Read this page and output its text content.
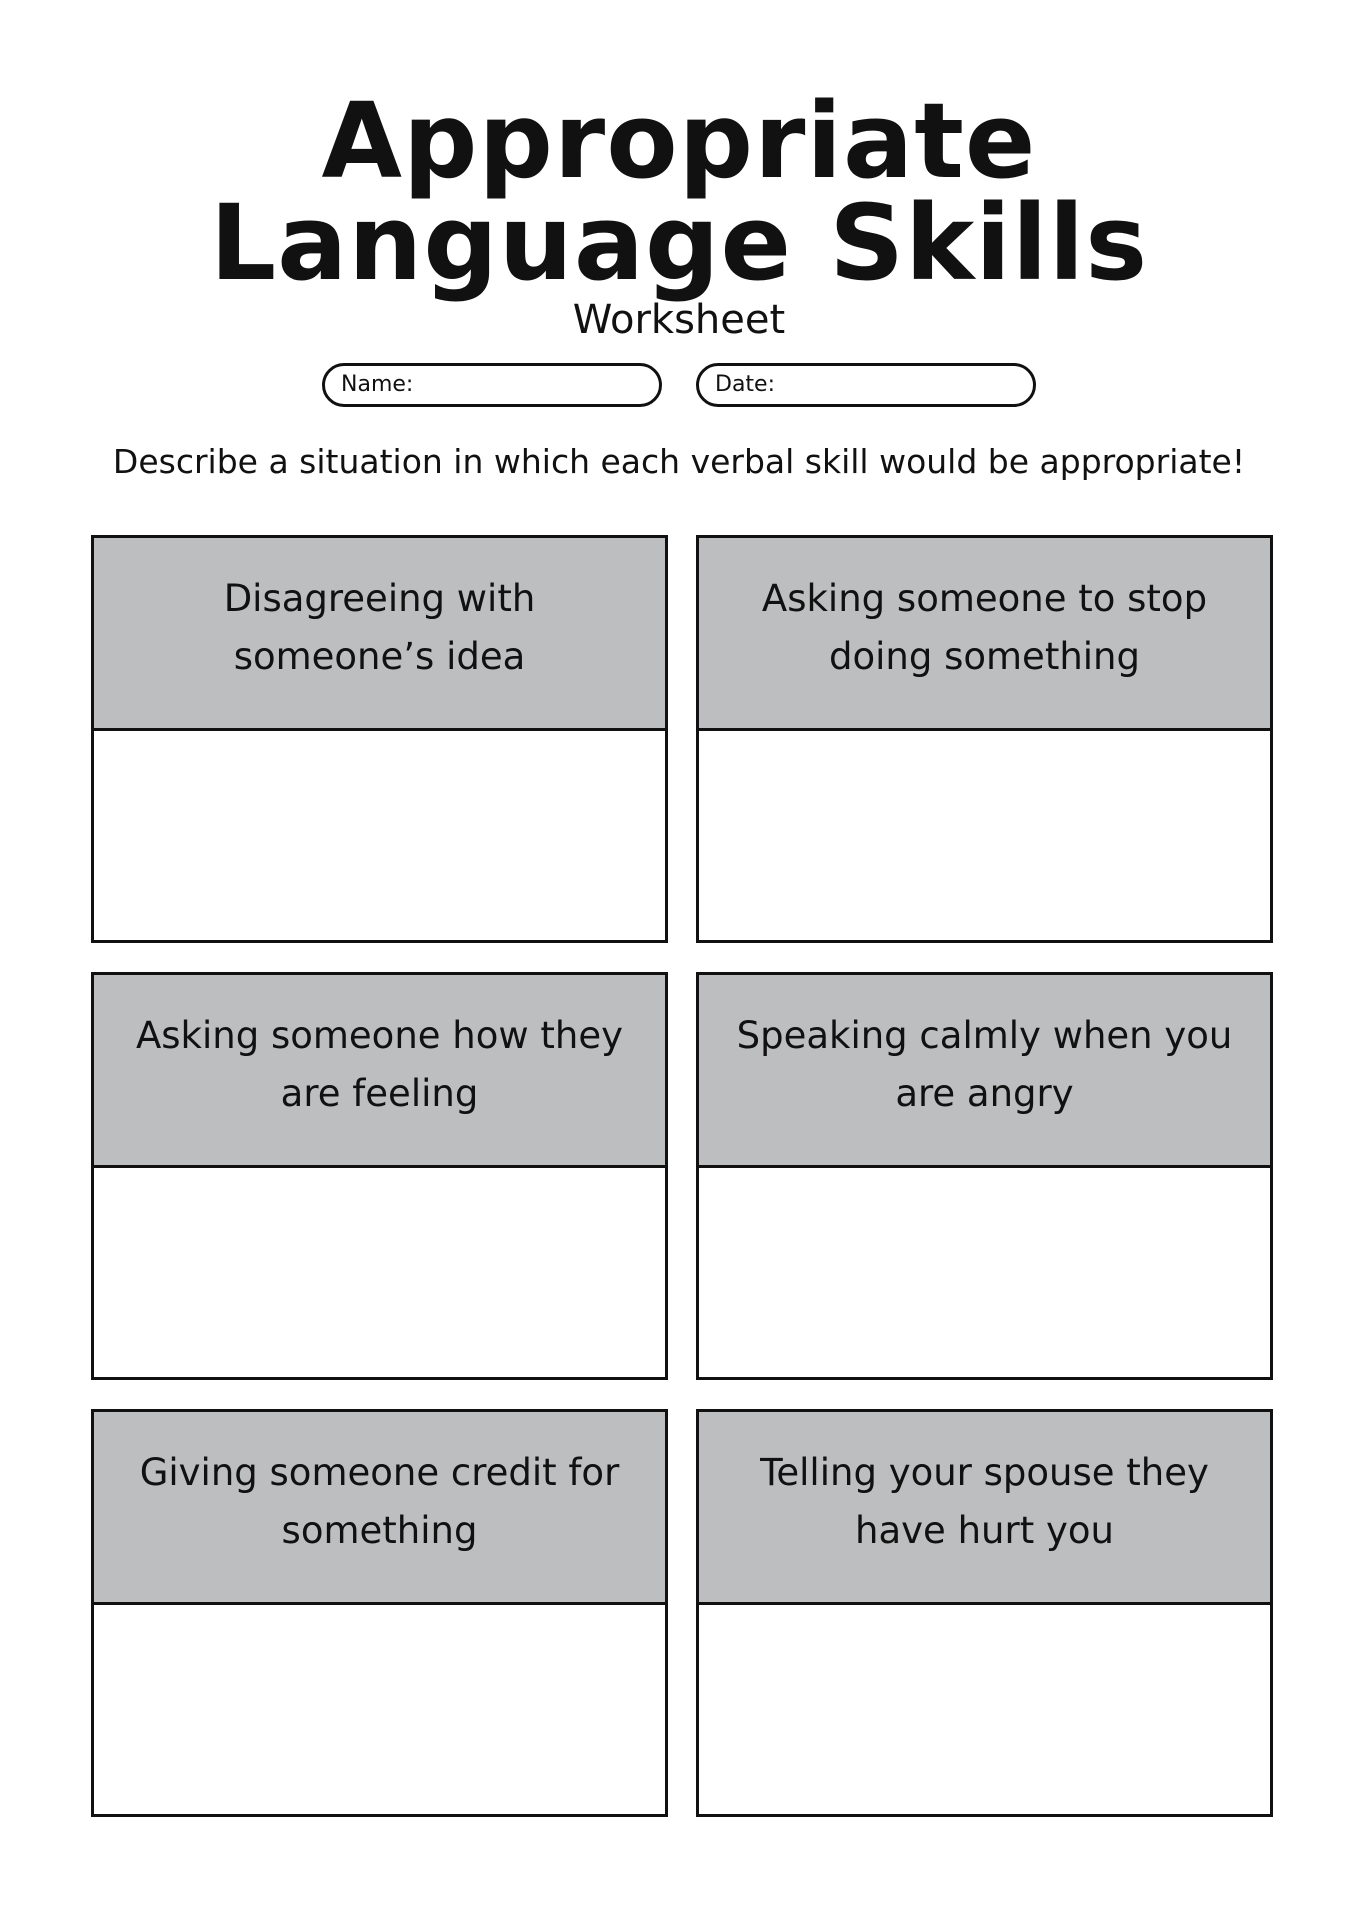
Appropriate
Language Skills
Worksheet
Name:	Date:
Describe a situation in which each verbal skill would be appropriate!
Disagreeing with someone’s idea
Asking someone to stop doing something
Asking someone how they are feeling
Speaking calmly when you are angry
Giving someone credit for something
Telling your spouse they have hurt you
